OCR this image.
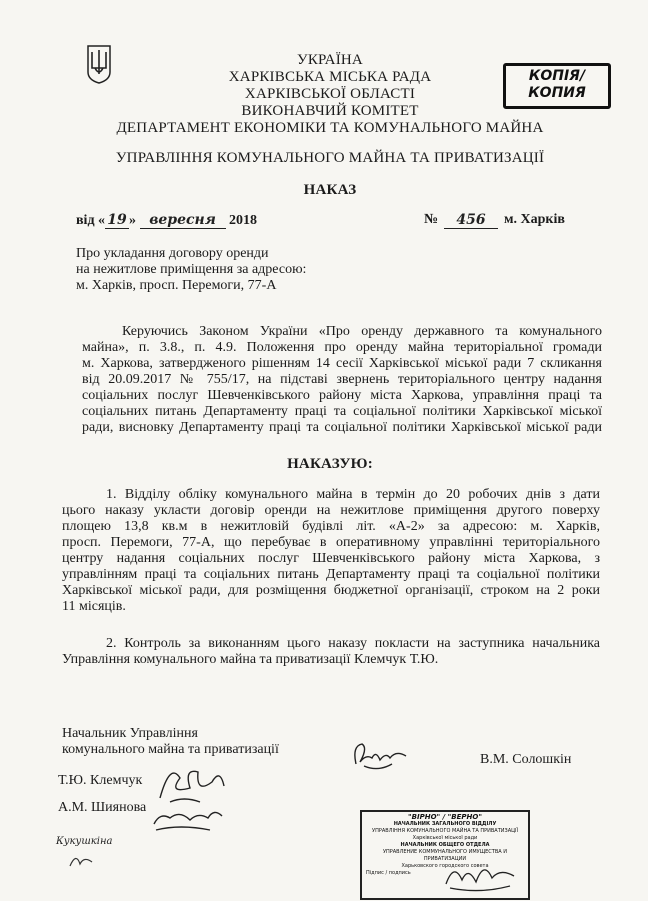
УКРАЇНА
ХАРКІВСЬКА МІСЬКА РАДА
ХАРКІВСЬКОЇ ОБЛАСТІ
ВИКОНАВЧИЙ КОМІТЕТ
ДЕПАРТАМЕНТ ЕКОНОМІКИ ТА КОМУНАЛЬНОГО МАЙНА
УПРАВЛІННЯ КОМУНАЛЬНОГО МАЙНА ТА ПРИВАТИЗАЦІЇ
НАКАЗ
КОПІЯ/
КОПИЯ
від « 19 » вересня 2018	№	456	м. Харків
Про укладання договору оренди
на нежитлове приміщення за адресою:
м. Харків, просп. Перемоги, 77-А
Керуючись Законом України «Про оренду державного та комунального
майна», п. 3.8., п. 4.9. Положення про оренду майна територіальної громади
м. Харкова, затвердженого рішенням 14 сесії Харківської міської ради 7 скликання
від 20.09.2017 № 755/17, на підставі звернень територіального центру надання
соціальних послуг Шевченківського району міста Харкова, управління праці та
соціальних питань Департаменту праці та соціальної політики Харківської міської
ради, висновку Департаменту праці та соціальної політики Харківської міської ради
НАКАЗУЮ:
1. Відділу обліку комунального майна в термін до 20 робочих днів з дати
цього наказу укласти договір оренди на нежитлове приміщення другого поверху
площею 13,8 кв.м в нежитловій будівлі літ. «А-2» за адресою: м. Харків,
просп. Перемоги, 77-А, що перебуває в оперативному управлінні територіального
центру надання соціальних послуг Шевченківського району міста Харкова, з
управлінням праці та соціальних питань Департаменту праці та соціальної політики
Харківської міської ради, для розміщення бюджетної організації, строком на 2 роки
11 місяців.
2. Контроль за виконанням цього наказу покласти на заступника начальника
Управління комунального майна та приватизації Клемчук Т.Ю.
Начальник Управління
комунального майна та приватизації
В.М. Солошкін
Т.Ю. Клемчук
А.М. Шиянова
Кукушкіна
"ВІРНО" / "ВЕРНО"
НАЧАЛЬНИК ЗАГАЛЬНОГО ВІДДІЛУ
УПРАВЛІННЯ КОМУНАЛЬНОГО МАЙНА ТА ПРИВАТИЗАЦІЇ
Харківської міської ради
НАЧАЛЬНИК ОБЩЕГО ОТДЕЛА
УПРАВЛЕНИЕ КОММУНАЛЬНОГО ИМУЩЕСТВА И ПРИВАТИЗАЦИИ
Харьковского городского совета
Підпис / подпись
